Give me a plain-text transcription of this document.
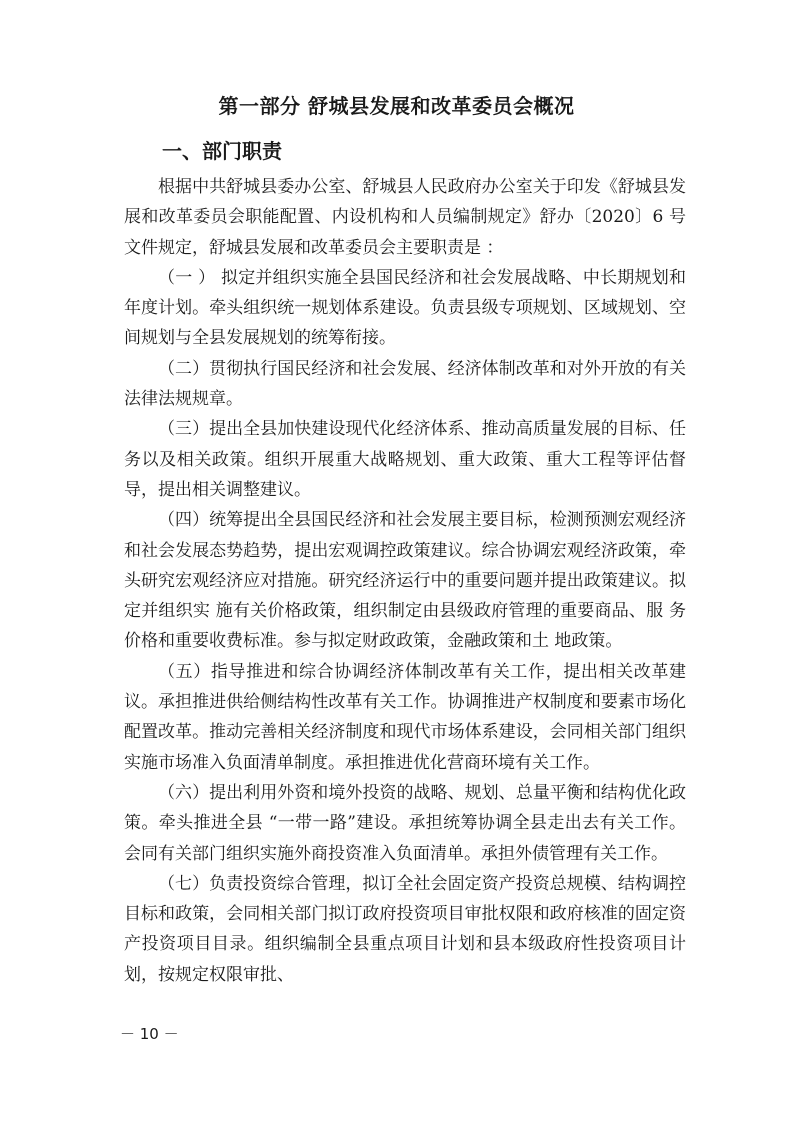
第一部分 舒城县发展和改革委员会概况
一、部门职责

根据中共舒城县委办公室、舒城县人民政府办公室关于印发《舒城县发展和改革委员会职能配置、内设机构和人员编制规定》舒办〔2020〕6 号文件规定，舒城县发展和改革委员会主要职责是 ：

（一 ） 拟定并组织实施全县国民经济和社会发展战略、中长期规划和年度计划。牵头组织统一规划体系建设。负责县级专项规划、区域规划、空间规划与全县发展规划的统筹衔接。

（二）贯彻执行国民经济和社会发展、经济体制改革和对外开放的有关法律法规规章。

（三）提出全县加快建设现代化经济体系、推动高质量发展的目标、任务以及相关政策。组织开展重大战略规划、重大政策、重大工程等评估督导，提出相关调整建议。

（四）统筹提出全县国民经济和社会发展主要目标，检测预测宏观经济和社会发展态势趋势，提出宏观调控政策建议。综合协调宏观经济政策，牵头研究宏观经济应对措施。研究经济运行中的重要问题并提出政策建议。拟定并组织实 施有关价格政策，组织制定由县级政府管理的重要商品、服 务价格和重要收费标准。参与拟定财政政策，金融政策和土 地政策。

（五）指导推进和综合协调经济体制改革有关工作，提出相关改革建议。承担推进供给侧结构性改革有关工作。协调推进产权制度和要素市场化配置改革。推动完善相关经济制度和现代市场体系建设，会同相关部门组织实施市场准入负面清单制度。承担推进优化营商环境有关工作。

（六）提出利用外资和境外投资的战略、规划、总量平衡和结构优化政策。牵头推进全县 “一带一路”建设。承担统筹协调全县走出去有关工作。会同有关部门组织实施外商投资准入负面清单。承担外债管理有关工作。

（七）负责投资综合管理，拟订全社会固定资产投资总规模、结构调控目标和政策，会同相关部门拟订政府投资项目审批权限和政府核准的固定资产投资项目目录。组织编制全县重点项目计划和县本级政府性投资项目计划，按规定权限审批、

－ 10 －
